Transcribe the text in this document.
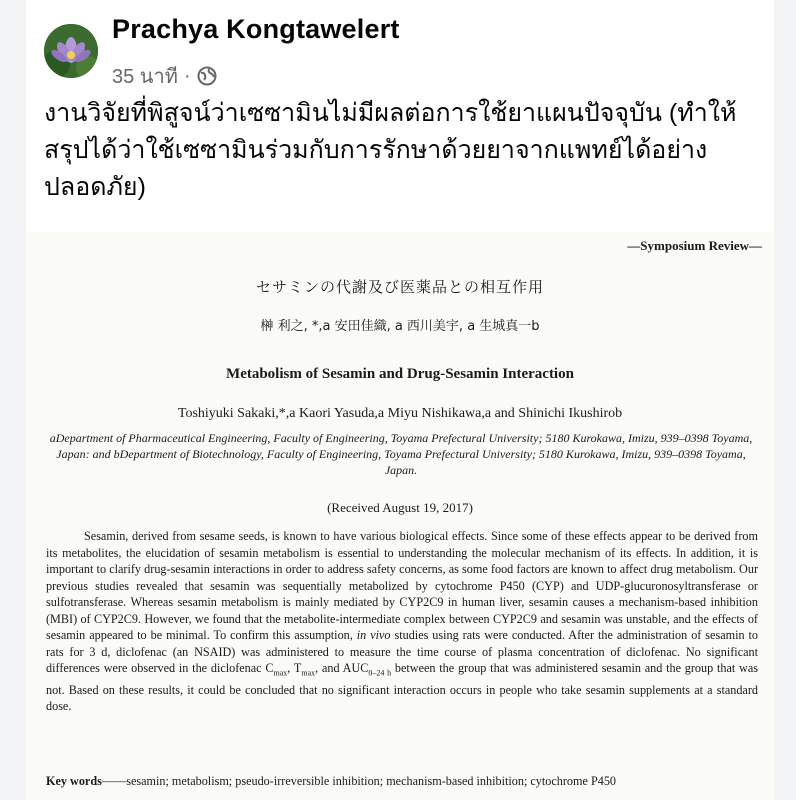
Prachya Kongtawelert
35 นาที ·
งานวิจัยที่พิสูจน์ว่าเซซามินไม่มีผลต่อการใช้ยาแผนปัจจุบัน (ทำให้สรุปได้ว่าใช้เซซามินร่วมกับการรักษาด้วยยาจากแพทย์ได้อย่างปลอดภัย)
—Symposium Review—
セサミンの代謝及び医薬品との相互作用
榊 利之, *,a 安田佳織, a 西川美宇, a 生城真一b
Metabolism of Sesamin and Drug-Sesamin Interaction
Toshiyuki Sakaki,*,a Kaori Yasuda,a Miyu Nishikawa,a and Shinichi Ikushirob
aDepartment of Pharmaceutical Engineering, Faculty of Engineering, Toyama Prefectural University; 5180 Kurokawa, Imizu, 939–0398 Toyama, Japan: and bDepartment of Biotechnology, Faculty of Engineering, Toyama Prefectural University; 5180 Kurokawa, Imizu, 939–0398 Toyama, Japan.
(Received August 19, 2017)
Sesamin, derived from sesame seeds, is known to have various biological effects. Since some of these effects appear to be derived from its metabolites, the elucidation of sesamin metabolism is essential to understanding the molecular mechanism of its effects. In addition, it is important to clarify drug-sesamin interactions in order to address safety concerns, as some food factors are known to affect drug metabolism. Our previous studies revealed that sesamin was sequentially metabolized by cytochrome P450 (CYP) and UDP-glucuronosyltransferase or sulfotransferase. Whereas sesamin metabolism is mainly mediated by CYP2C9 in human liver, sesamin causes a mechanism-based inhibition (MBI) of CYP2C9. However, we found that the metabolite-intermediate complex between CYP2C9 and sesamin was unstable, and the effects of sesamin appeared to be minimal. To confirm this assumption, in vivo studies using rats were conducted. After the administration of sesamin to rats for 3 d, diclofenac (an NSAID) was administered to measure the time course of plasma concentration of diclofenac. No significant differences were observed in the diclofenac $C_{max}$, $T_{max}$, and $AUC_{0-24 h}$ between the group that was administered sesamin and the group that was not. Based on these results, it could be concluded that no significant interaction occurs in people who take sesamin supplements at a standard dose.
Key words——sesamin; metabolism; pseudo-irreversible inhibition; mechanism-based inhibition; cytochrome P450
